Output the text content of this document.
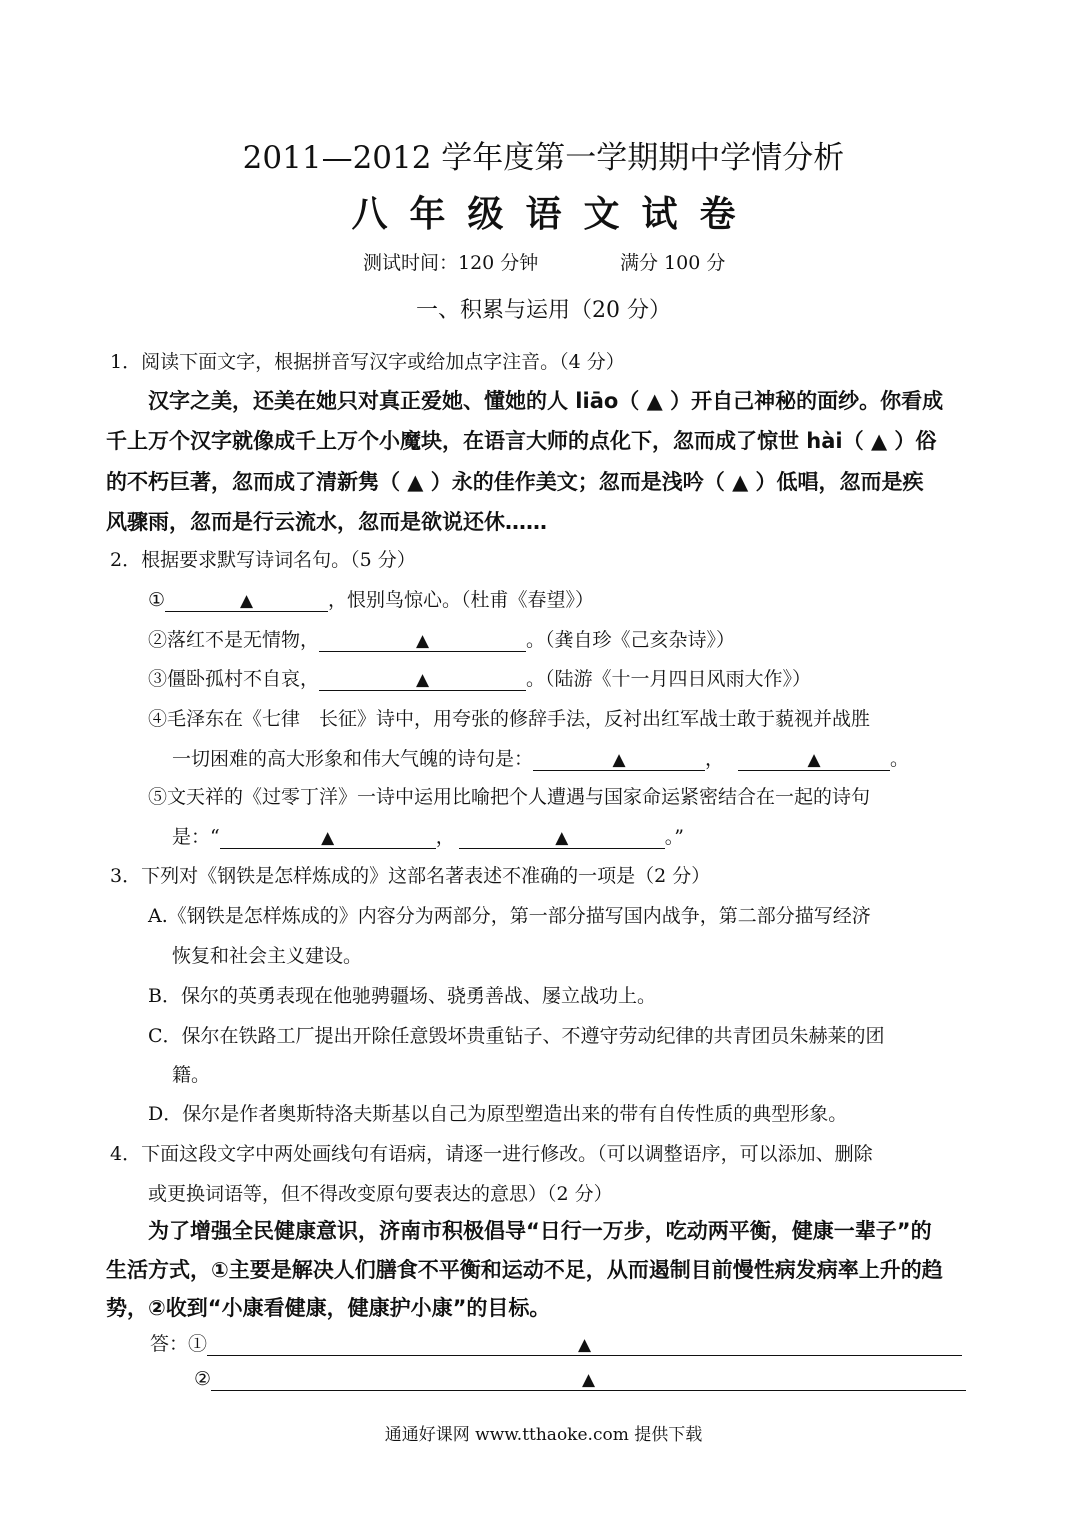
2011—2012 学年度第一学期期中学情分析
八年级语文试卷
测试时间：120 分钟	满分 100 分
一、积累与运用（20 分）
1．阅读下面文字，根据拼音写汉字或给加点字注音。（4 分）
汉字之美，还美在她只对真正爱她、懂她的人 liāo（ ▲ ）开自己神秘的面纱。你看成
千上万个汉字就像成千上万个小魔块，在语言大师的点化下，忽而成了惊世 hài（ ▲ ）俗
的不朽巨著，忽而成了清新隽（ ▲ ）永的佳作美文；忽而是浅吟（ ▲ ）低唱，忽而是疾
风骤雨，忽而是行云流水，忽而是欲说还休……
2．根据要求默写诗词名句。（5 分）
①	▲	，恨别鸟惊心。（杜甫《春望》）
②落红不是无情物，	▲	。（龚自珍《己亥杂诗》）
③僵卧孤村不自哀，	▲	。（陆游《十一月四日风雨大作》）
④毛泽东在《七律　长征》诗中，用夸张的修辞手法，反衬出红军战士敢于藐视并战胜
一切困难的高大形象和伟大气魄的诗句是：	▲	，	▲	。
⑤文天祥的《过零丁洋》一诗中运用比喻把个人遭遇与国家命运紧密结合在一起的诗句
是：“	▲	，	▲	。”
3．下列对《钢铁是怎样炼成的》这部名著表述不准确的一项是（2 分）
A.《钢铁是怎样炼成的》内容分为两部分，第一部分描写国内战争，第二部分描写经济
恢复和社会主义建设。
B．保尔的英勇表现在他驰骋疆场、骁勇善战、屡立战功上。
C．保尔在铁路工厂提出开除任意毁坏贵重钻子、不遵守劳动纪律的共青团员朱赫莱的团
籍。
D．保尔是作者奥斯特洛夫斯基以自己为原型塑造出来的带有自传性质的典型形象。
4．下面这段文字中两处画线句有语病，请逐一进行修改。（可以调整语序，可以添加、删除
或更换词语等，但不得改变原句要表达的意思）（2 分）
为了增强全民健康意识，济南市积极倡导“日行一万步，吃动两平衡，健康一辈子”的
生活方式，①主要是解决人们膳食不平衡和运动不足，从而遏制目前慢性病发病率上升的趋
势，②收到“小康看健康，健康护小康”的目标。
答：①	▲
②	▲
通通好课网 www.tthaoke.com 提供下载
